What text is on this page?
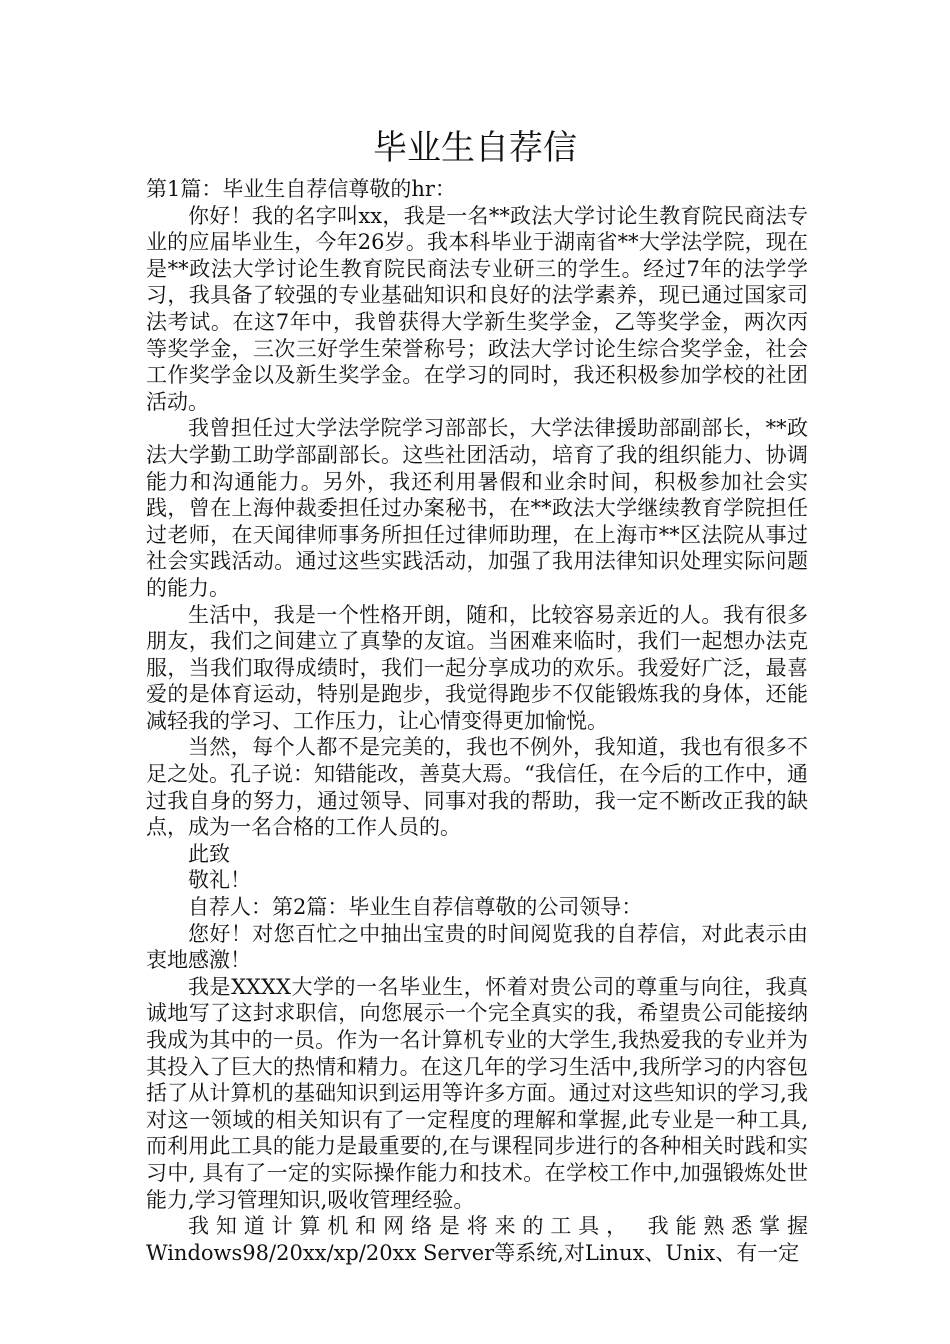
毕业生自荐信

第1篇：毕业生自荐信尊敬的hr：

你好！我的名字叫xx，我是一名**政法大学讨论生教育院民商法专业的应届毕业生，今年26岁。我本科毕业于湖南省**大学法学院，现在是**政法大学讨论生教育院民商法专业研三的学生。经过7年的法学学习，我具备了较强的专业基础知识和良好的法学素养，现已通过国家司法考试。在这7年中，我曾获得大学新生奖学金，乙等奖学金，两次丙等奖学金，三次三好学生荣誉称号；政法大学讨论生综合奖学金，社会工作奖学金以及新生奖学金。在学习的同时，我还积极参加学校的社团活动。

我曾担任过大学法学院学习部部长，大学法律援助部副部长，**政法大学勤工助学部副部长。这些社团活动，培育了我的组织能力、协调能力和沟通能力。另外，我还利用暑假和业余时间，积极参加社会实践，曾在上海仲裁委担任过办案秘书，在**政法大学继续教育学院担任过老师，在天闻律师事务所担任过律师助理，在上海市**区法院从事过社会实践活动。通过这些实践活动，加强了我用法律知识处理实际问题的能力。

生活中，我是一个性格开朗，随和，比较容易亲近的人。我有很多朋友，我们之间建立了真挚的友谊。当困难来临时，我们一起想办法克服，当我们取得成绩时，我们一起分享成功的欢乐。我爱好广泛，最喜爱的是体育运动，特别是跑步，我觉得跑步不仅能锻炼我的身体，还能减轻我的学习、工作压力，让心情变得更加愉悦。

当然，每个人都不是完美的，我也不例外，我知道，我也有很多不足之处。孔子说：知错能改，善莫大焉。“我信任，在今后的工作中，通过我自身的努力，通过领导、同事对我的帮助，我一定不断改正我的缺点，成为一名合格的工作人员的。

此致

敬礼！

自荐人：第2篇：毕业生自荐信尊敬的公司领导：

您好！对您百忙之中抽出宝贵的时间阅览我的自荐信，对此表示由衷地感激！

我是XXXX大学的一名毕业生，怀着对贵公司的尊重与向往，我真诚地写了这封求职信，向您展示一个完全真实的我，希望贵公司能接纳我成为其中的一员。作为一名计算机专业的大学生,我热爱我的专业并为其投入了巨大的热情和精力。在这几年的学习生活中,我所学习的内容包括了从计算机的基础知识到运用等许多方面。通过对这些知识的学习,我对这一领域的相关知识有了一定程度的理解和掌握,此专业是一种工具,而利用此工具的能力是最重要的,在与课程同步进行的各种相关时践和实习中, 具有了一定的实际操作能力和技术。在学校工作中,加强锻炼处世能力,学习管理知识,吸收管理经验。

我知道计算机和网络是将来的工具， 我能熟悉掌握Windows98/20xx/xp/20xx Server等系统,对Linux、Unix、有一定
